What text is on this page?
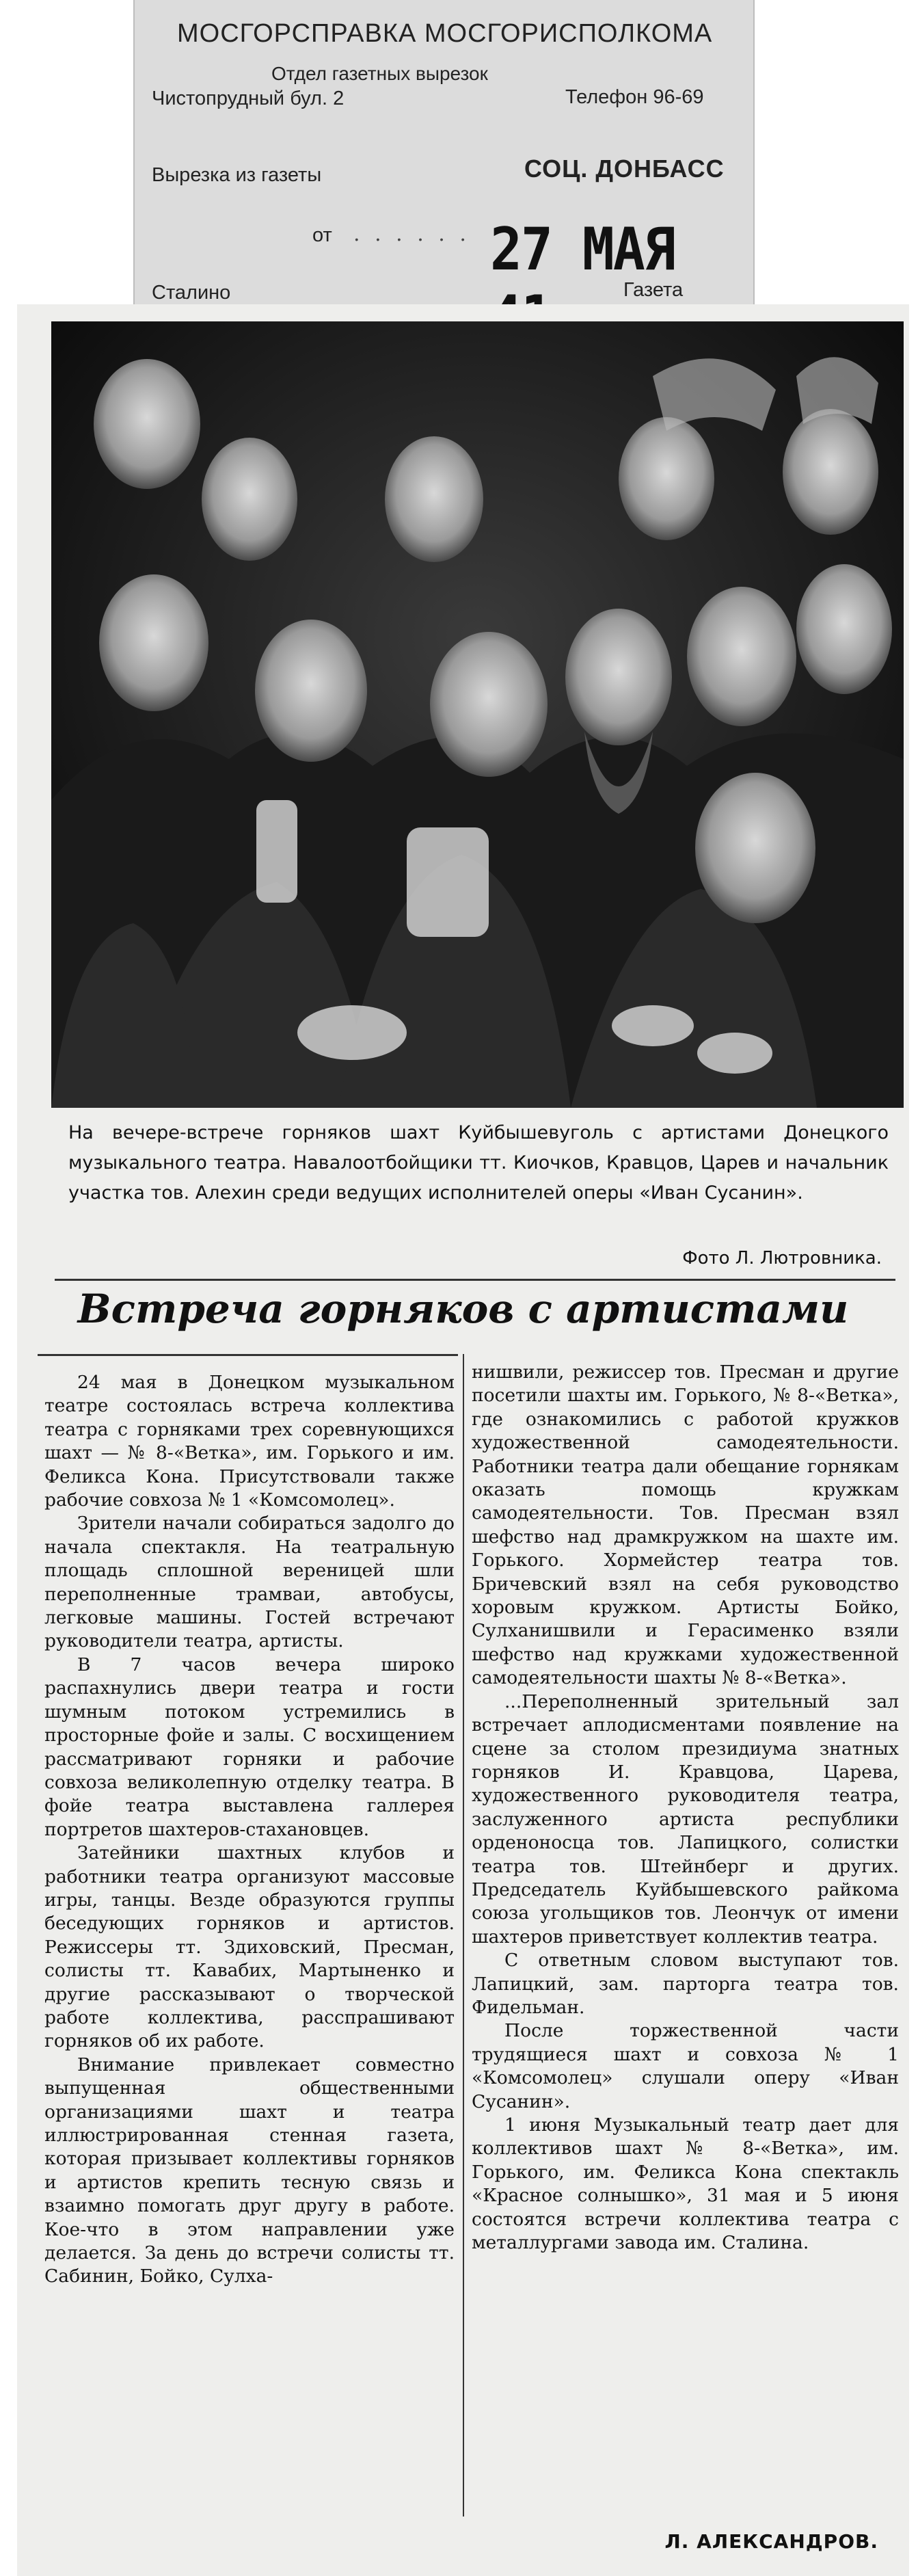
МОСГОРСПРАВКА МОСГОРИСПОЛКОМА
Отдел газетных вырезок
Чистопрудный бул. 2	Телефон 96-69
Вырезка из газеты	СОЦ. ДОНБАСС
от . . . . . . 27 МАЯ
Сталино	Газета
На вечере-встрече горняков шахт Куйбышевуголь с артистами Донецкого музыкального театра. Навалоотбойщики тт. Киочков, Кравцов, Царев и начальник участка тов. Алехин среди ведущих исполнителей оперы «Иван Сусанин».
Фото Л. Лютровника.
Встреча горняков с артистами

24 мая в Донецком музыкальном театре состоялась встреча коллектива театра с горняками трех соревнующихся шахт — № 8-«Ветка», им. Горького и им. Феликса Кона. Присутствовали также рабочие совхоза № 1 «Комсомолец».

Зрители начали собираться задолго до начала спектакля. На театральную площадь сплошной вереницей шли переполненные трамваи, автобусы, легковые машины. Гостей встречают руководители театра, артисты.

В 7 часов вечера широко распахнулись двери театра и гости шумным потоком устремились в просторные фойе и залы. С восхищением рассматривают горняки и рабочие совхоза великолепную отделку театра. В фойе театра выставлена галлерея портретов шахтеров-стахановцев.

Затейники шахтных клубов и работники театра организуют массовые игры, танцы. Везде образуются группы беседующих горняков и артистов. Режиссеры тт. Здиховский, Пресман, солисты тт. Кавабих, Мартыненко и другие рассказывают о творческой работе коллектива, расспрашивают горняков об их работе.

Внимание привлекает совместно выпущенная общественными организациями шахт и театра иллюстрированная стенная газета, которая призывает коллективы горняков и артистов крепить тесную связь и взаимно помогать друг другу в работе. Кое-что в этом направлении уже делается. За день до встречи солисты тт. Сабинин, Бойко, Сулха-

нишвили, режиссер тов. Пресман и другие посетили шахты им. Горького, № 8-«Ветка», где ознакомились с работой кружков художественной самодеятельности. Работники театра дали обещание горнякам оказать помощь кружкам самодеятельности. Тов. Пресман взял шефство над драмкружком на шахте им. Горького. Хормейстер театра тов. Бричевский взял на себя руководство хоровым кружком. Артисты Бойко, Сулханишвили и Герасименко взяли шефство над кружками художественной самодеятельности шахты № 8-«Ветка».

...Переполненный зрительный зал встречает аплодисментами появление на сцене за столом президиума знатных горняков И. Кравцова, Царева, художественного руководителя театра, заслуженного артиста республики орденоносца тов. Лапицкого, солистки театра тов. Штейнберг и других. Председатель Куйбышевского райкома союза угольщиков тов. Леончук от имени шахтеров приветствует коллектив театра.

С ответным словом выступают тов. Лапицкий, зам. парторга театра тов. Фидельман.

После торжественной части трудящиеся шахт и совхоза № 1 «Комсомолец» слушали оперу «Иван Сусанин».

1 июня Музыкальный театр дает для коллективов шахт № 8-«Ветка», им. Горького, им. Феликса Кона спектакль «Красное солнышко», 31 мая и 5 июня состоятся встречи коллектива театра с металлургами завода им. Сталина.

Л. АЛЕКСАНДРОВ.
